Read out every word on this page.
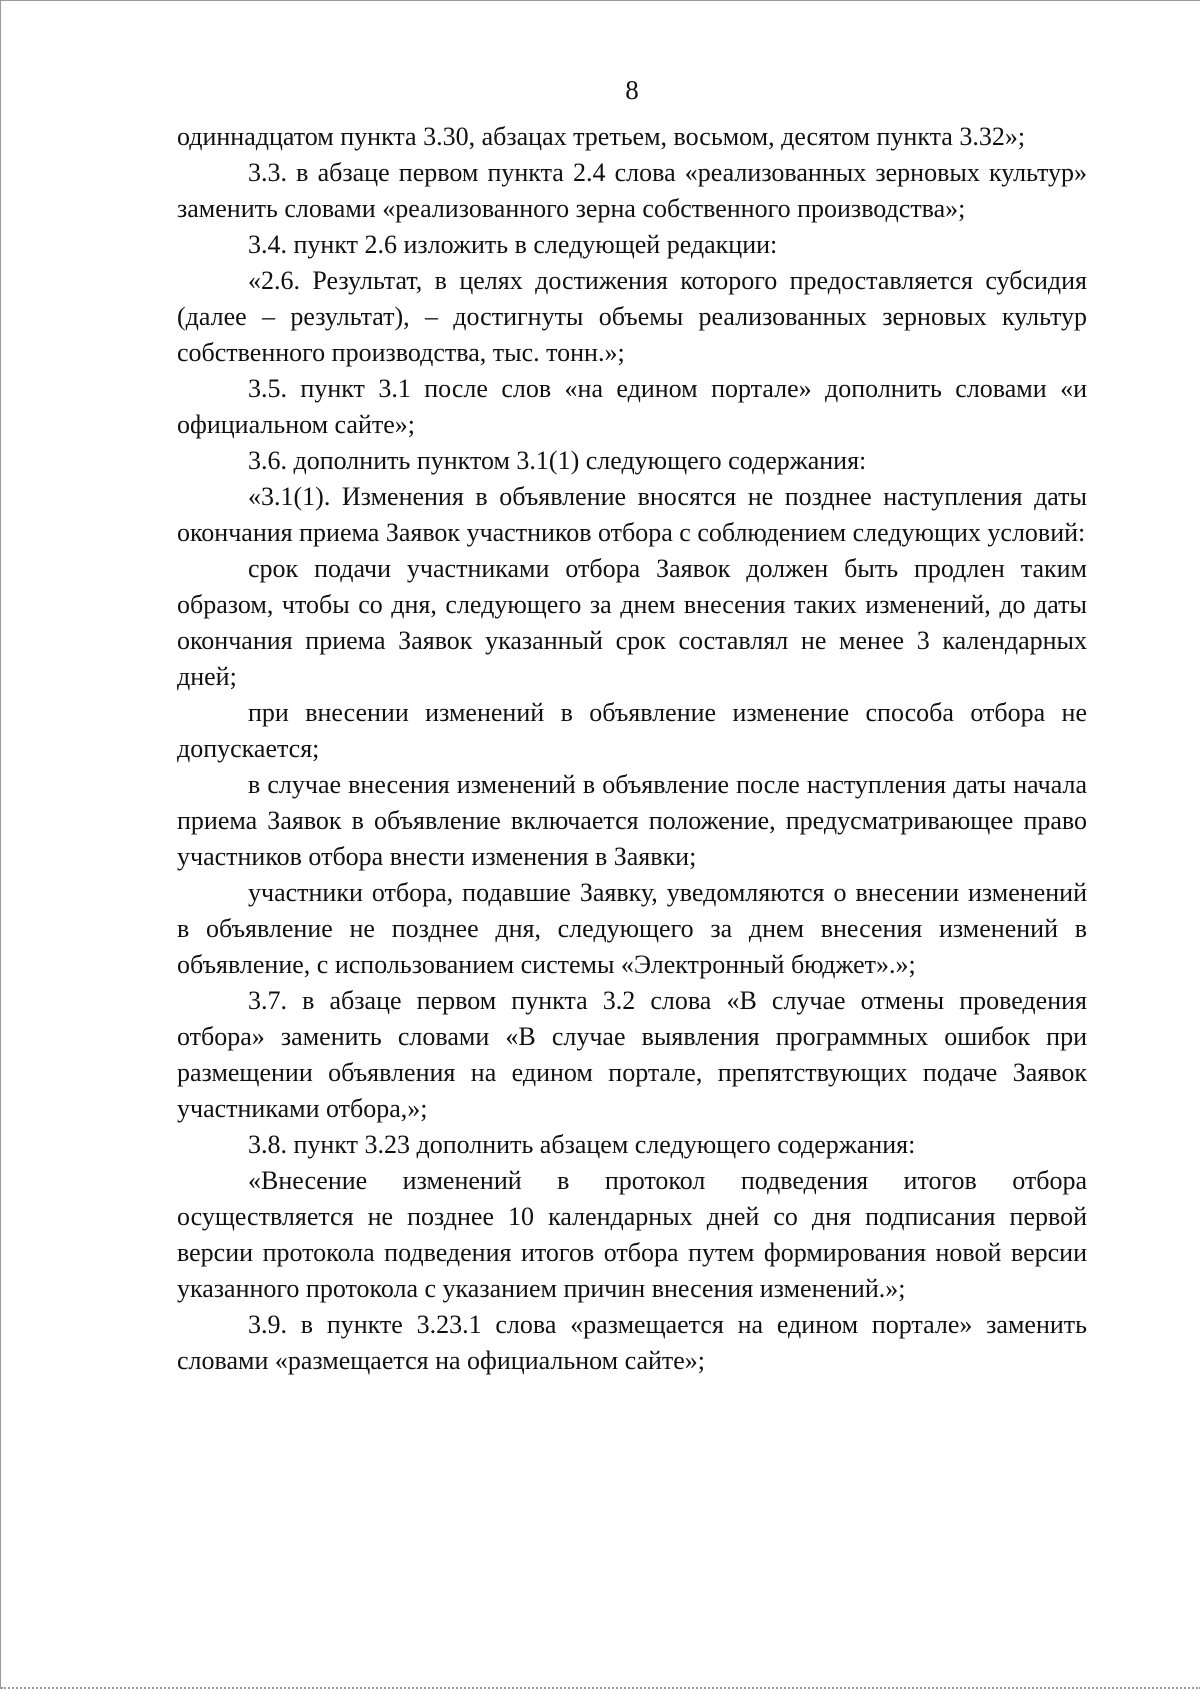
8

одиннадцатом пункта 3.30, абзацах третьем, восьмом, десятом пункта 3.32»;

3.3. в абзаце первом пункта 2.4 слова «реализованных зерновых культур» заменить словами «реализованного зерна собственного производства»;

3.4. пункт 2.6 изложить в следующей редакции:

«2.6. Результат, в целях достижения которого предоставляется субсидия (далее – результат), – достигнуты объемы реализованных зерновых культур собственного производства, тыс. тонн.»;

3.5. пункт 3.1 после слов «на едином портале» дополнить словами «и официальном сайте»;

3.6. дополнить пунктом 3.1(1) следующего содержания:

«3.1(1). Изменения в объявление вносятся не позднее наступления даты окончания приема Заявок участников отбора с соблюдением следующих условий:

срок подачи участниками отбора Заявок должен быть продлен таким образом, чтобы со дня, следующего за днем внесения таких изменений, до даты окончания приема Заявок указанный срок составлял не менее 3 календарных дней;

при внесении изменений в объявление изменение способа отбора не допускается;

в случае внесения изменений в объявление после наступления даты начала приема Заявок в объявление включается положение, предусматривающее право участников отбора внести изменения в Заявки;

участники отбора, подавшие Заявку, уведомляются о внесении изменений в объявление не позднее дня, следующего за днем внесения изменений в объявление, с использованием системы «Электронный бюджет».»;

3.7. в абзаце первом пункта 3.2 слова «В случае отмены проведения отбора» заменить словами «В случае выявления программных ошибок при размещении объявления на едином портале, препятствующих подаче Заявок участниками отбора,»;

3.8. пункт 3.23 дополнить абзацем следующего содержания:

«Внесение изменений в протокол подведения итогов отбора осуществляется не позднее 10 календарных дней со дня подписания первой версии протокола подведения итогов отбора путем формирования новой версии указанного протокола с указанием причин внесения изменений.»;

3.9. в пункте 3.23.1 слова «размещается на едином портале» заменить словами «размещается на официальном сайте»;
